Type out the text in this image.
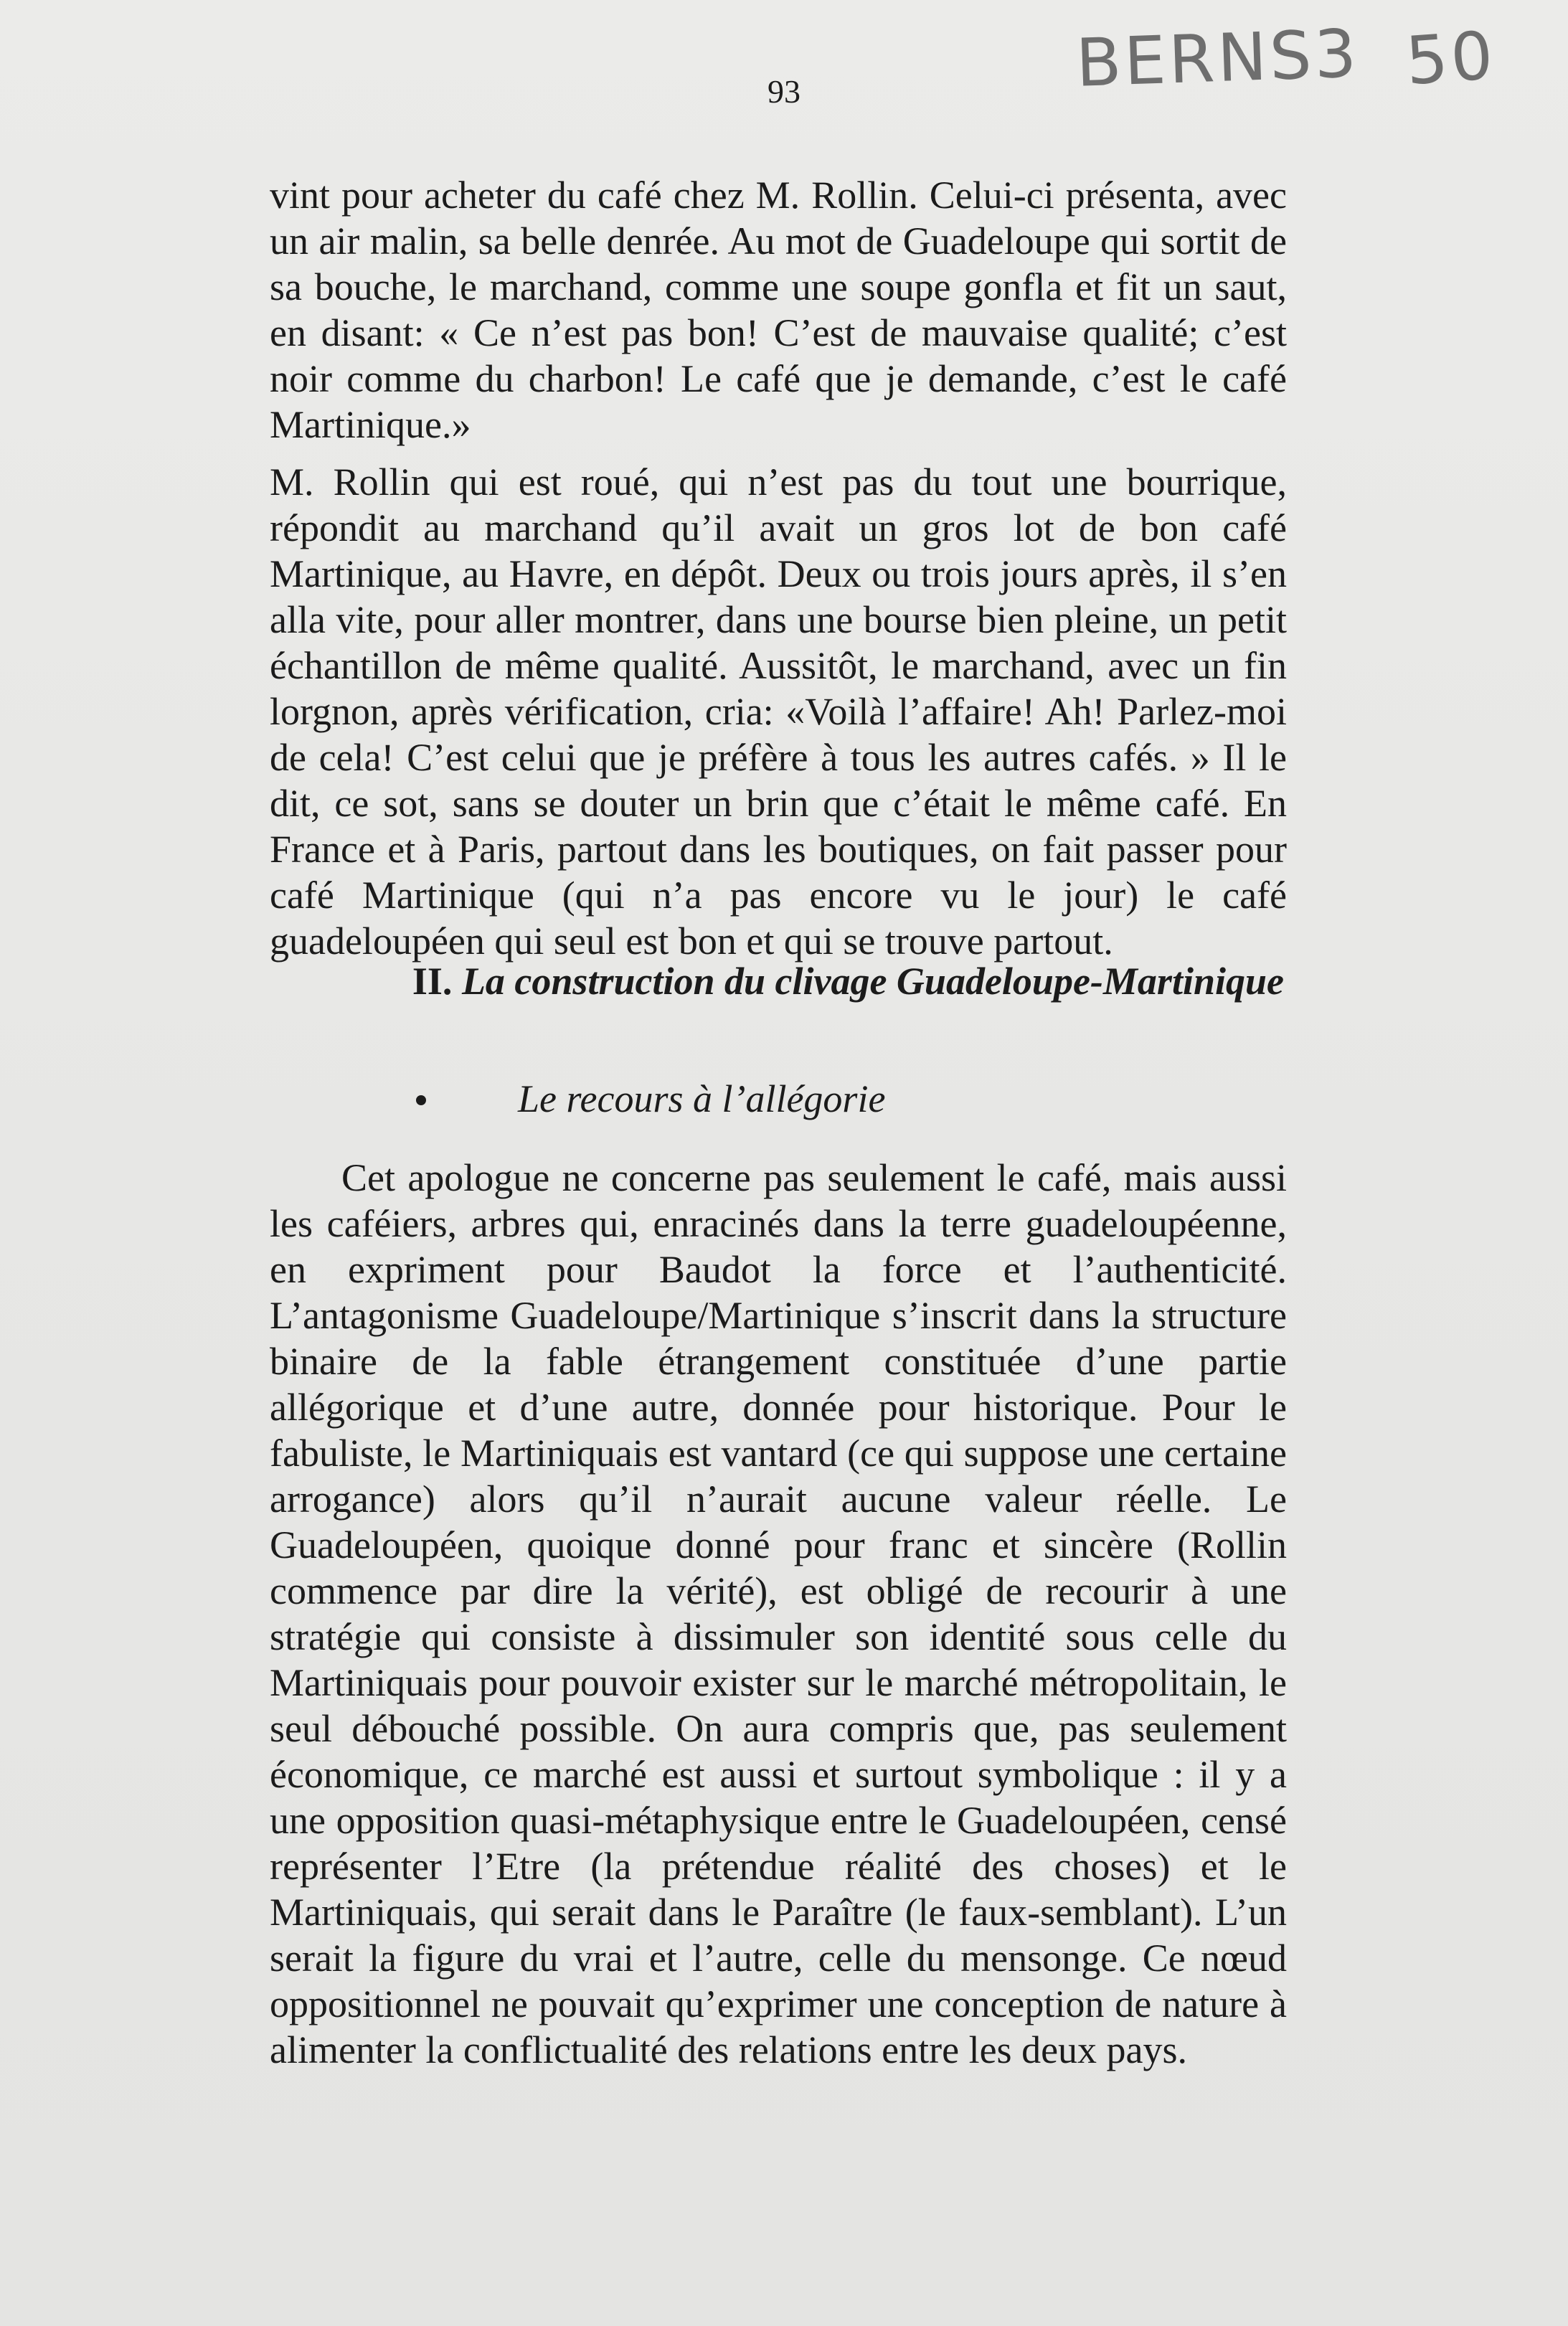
BERNS3 50
93

vint pour acheter du café chez M. Rollin. Celui-ci présenta, avec un air malin, sa belle denrée. Au mot de Guadeloupe qui sortit de sa bouche, le marchand, comme une soupe gonfla et fit un saut, en disant: « Ce n’est pas bon! C’est de mauvaise qualité; c’est noir comme du charbon! Le café que je demande, c’est le café Martinique.»

M. Rollin qui est roué, qui n’est pas du tout une bourrique, répondit au marchand qu’il avait un gros lot de bon café Martinique, au Havre, en dépôt. Deux ou trois jours après, il s’en alla vite, pour aller montrer, dans une bourse bien pleine, un petit échantillon de même qualité. Aussitôt, le marchand, avec un fin lorgnon, après vérification, cria: «Voilà l’affaire! Ah! Parlez-moi de cela! C’est celui que je préfère à tous les autres cafés. » Il le dit, ce sot, sans se douter un brin que c’était le même café. En France et à Paris, partout dans les boutiques, on fait passer pour café Martinique (qui n’a pas encore vu le jour) le café guadeloupéen qui seul est bon et qui se trouve partout.

II. La construction du clivage Guadeloupe-Martinique
Le recours à l’allégorie

Cet apologue ne concerne pas seulement le café, mais aussi les caféiers, arbres qui, enracinés dans la terre guadeloupéenne, en expriment pour Baudot la force et l’authenticité. L’antagonisme Guadeloupe/Martinique s’inscrit dans la structure binaire de la fable étrangement constituée d’une partie allégorique et d’une autre, donnée pour historique. Pour le fabuliste, le Martiniquais est vantard (ce qui suppose une certaine arrogance) alors qu’il n’aurait aucune valeur réelle. Le Guadeloupéen, quoique donné pour franc et sincère (Rollin commence par dire la vérité), est obligé de recourir à une stratégie qui consiste à dissimuler son identité sous celle du Martiniquais pour pouvoir exister sur le marché métropolitain, le seul débouché possible. On aura compris que, pas seulement économique, ce marché est aussi et surtout symbolique : il y a une opposition quasi-métaphysique entre le Guadeloupéen, censé représenter l’Etre (la prétendue réalité des choses) et le Martiniquais, qui serait dans le Paraître (le faux-semblant). L’un serait la figure du vrai et l’autre, celle du mensonge. Ce nœud oppositionnel ne pouvait qu’exprimer une conception de nature à alimenter la conflictualité des relations entre les deux pays.
